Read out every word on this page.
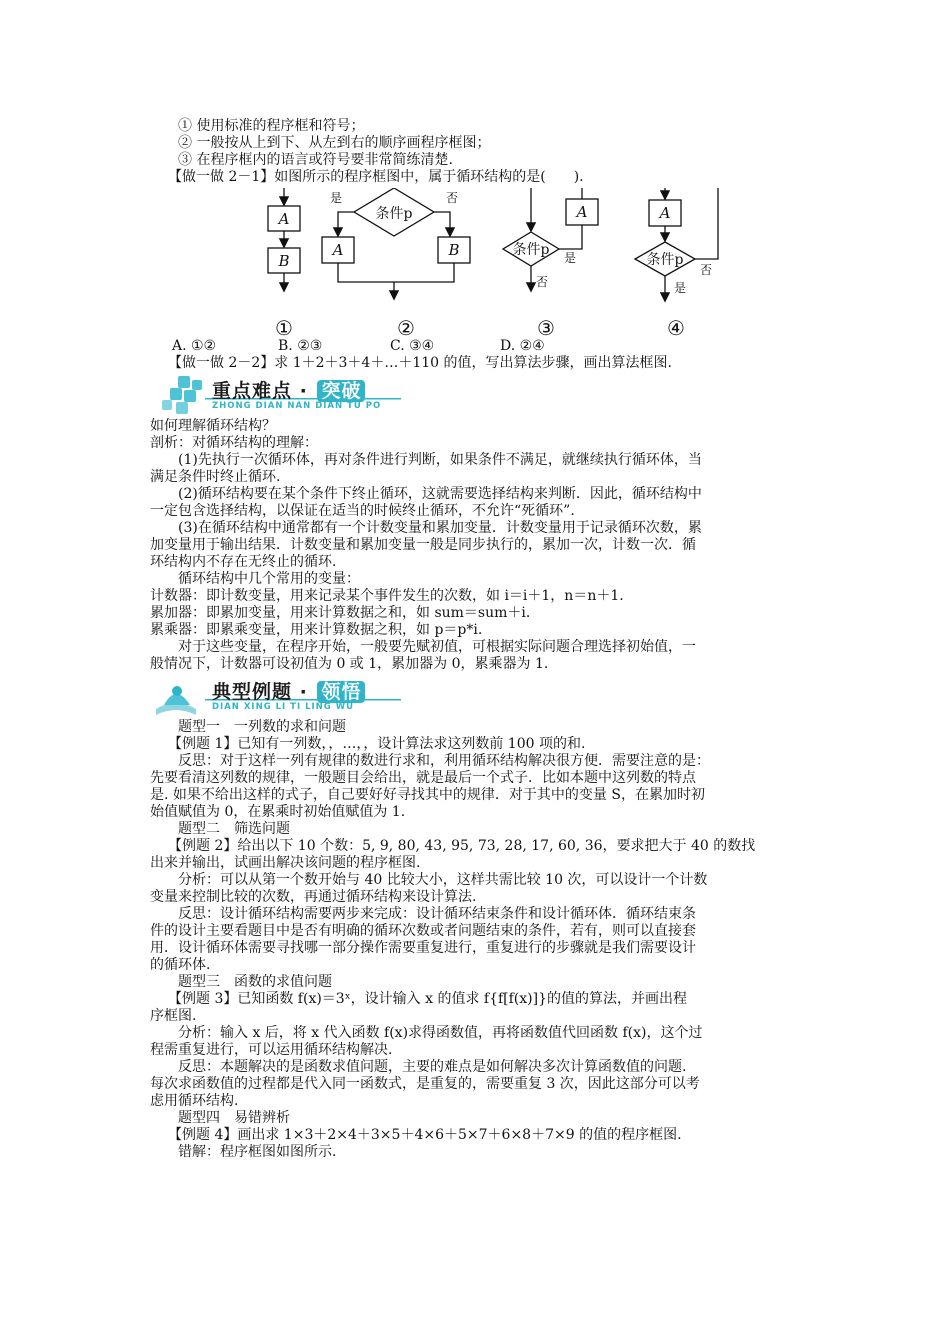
① 使用标准的程序框和符号；
② 一般按从上到下、从左到右的顺序画程序框图；
③ 在程序框内的语言或符号要非常简练清楚.
【做一做 2－1】如图所示的程序框图中，属于循环结构的是(　　).
A
B
条件p
是	否
A	B	条件p
A
是
否
A
条件p
否
是
①	②	③	④
A. ①②	B. ②③	C. ③④	D. ②④
【做一做 2－2】求 1＋2＋3＋4＋…＋110 的值，写出算法步骤，画出算法框图.
重点难点 · 突破
ZHONG DIAN NAN DIAN TU PO
如何理解循环结构？
剖析：对循环结构的理解：
(1)先执行一次循环体，再对条件进行判断，如果条件不满足，就继续执行循环体，当
满足条件时终止循环.
(2)循环结构要在某个条件下终止循环，这就需要选择结构来判断．因此，循环结构中
一定包含选择结构，以保证在适当的时候终止循环，不允许“死循环”.
(3)在循环结构中通常都有一个计数变量和累加变量．计数变量用于记录循环次数，累
加变量用于输出结果．计数变量和累加变量一般是同步执行的，累加一次，计数一次．循
环结构内不存在无终止的循环.
循环结构中几个常用的变量：
计数器：即计数变量，用来记录某个事件发生的次数，如 i＝i＋1，n＝n＋1.
累加器：即累加变量，用来计算数据之和，如 sum＝sum＋i.
累乘器：即累乘变量，用来计算数据之积，如 p＝p*i.
对于这些变量，在程序开始，一般要先赋初值，可根据实际问题合理选择初始值，一
般情况下，计数器可设初值为 0 或 1，累加器为 0，累乘器为 1.
典型例题 · 领悟
DIAN XING LI TI LING WU
题型一　一列数的求和问题
【例题 1】已知有一列数，，…，，设计算法求这列数前 100 项的和.
反思：对于这样一列有规律的数进行求和，利用循环结构解决很方便．需要注意的是：
先要看清这列数的规律，一般题目会给出，就是最后一个式子．比如本题中这列数的特点
是. 如果不给出这样的式子，自己要好好寻找其中的规律．对于其中的变量 S，在累加时初
始值赋值为 0，在累乘时初始值赋值为 1.
题型二　筛选问题
【例题 2】给出以下 10 个数：5, 9, 80, 43, 95, 73, 28, 17, 60, 36，要求把大于 40 的数找
出来并输出，试画出解决该问题的程序框图.
分析：可以从第一个数开始与 40 比较大小，这样共需比较 10 次，可以设计一个计数
变量来控制比较的次数，再通过循环结构来设计算法.
反思：设计循环结构需要两步来完成：设计循环结束条件和设计循环体．循环结束条
件的设计主要看题目中是否有明确的循环次数或者问题结束的条件，若有，则可以直接套
用．设计循环体需要寻找哪一部分操作需要重复进行，重复进行的步骤就是我们需要设计
的循环体.
题型三　函数的求值问题
【例题 3】已知函数 f(x)＝3ˣ，设计输入 x 的值求 f{f[f(x)]}的值的算法，并画出程
序框图.
分析：输入 x 后，将 x 代入函数 f(x)求得函数值，再将函数值代回函数 f(x)，这个过
程需重复进行，可以运用循环结构解决.
反思：本题解决的是函数求值问题，主要的难点是如何解决多次计算函数值的问题.
每次求函数值的过程都是代入同一函数式，是重复的，需要重复 3 次，因此这部分可以考
虑用循环结构.
题型四　易错辨析
【例题 4】画出求 1×3＋2×4＋3×5＋4×6＋5×7＋6×8＋7×9 的值的程序框图.
错解：程序框图如图所示.
